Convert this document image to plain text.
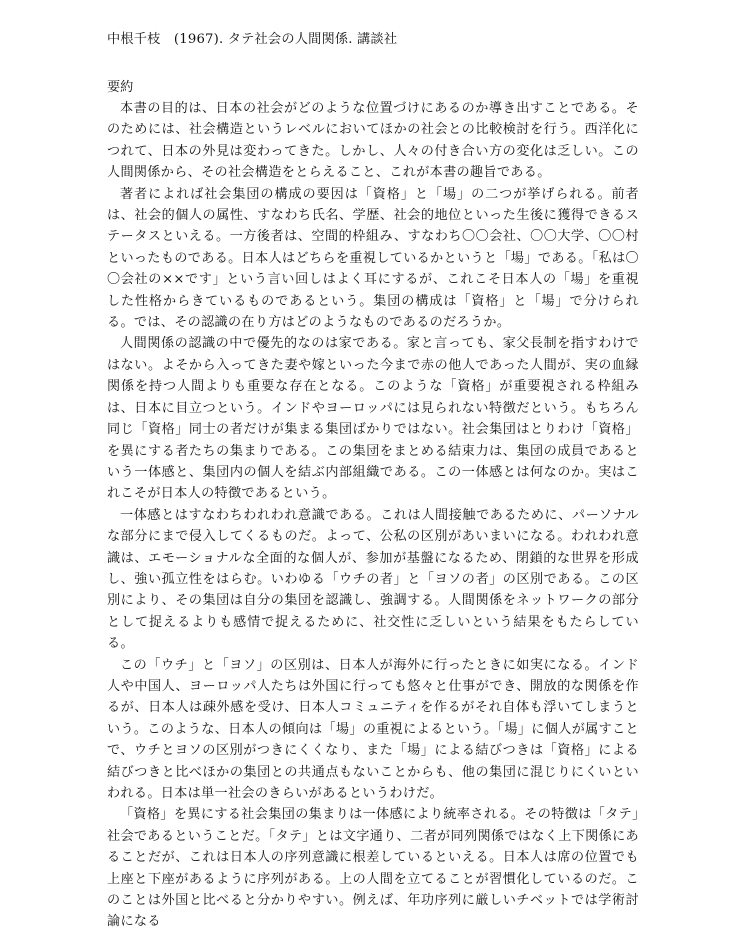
中根千枝　(1967). タテ社会の人間関係. 講談社
要約

本書の目的は、日本の社会がどのような位置づけにあるのか導き出すことである。そのためには、社会構造というレベルにおいてほかの社会との比較検討を行う。西洋化につれて、日本の外見は変わってきた。しかし、人々の付き合い方の変化は乏しい。この人間関係から、その社会構造をとらえること、これが本書の趣旨である。

著者によれば社会集団の構成の要因は「資格」と「場」の二つが挙げられる。前者は、社会的個人の属性、すなわち氏名、学歴、社会的地位といった生後に獲得できるステータスといえる。一方後者は、空間的枠組み、すなわち〇〇会社、〇〇大学、〇〇村といったものである。日本人はどちらを重視しているかというと「場」である。「私は〇〇会社の××です」という言い回しはよく耳にするが、これこそ日本人の「場」を重視した性格からきているものであるという。集団の構成は「資格」と「場」で分けられる。では、その認識の在り方はどのようなものであるのだろうか。

人間関係の認識の中で優先的なのは家である。家と言っても、家父長制を指すわけではない。よそから入ってきた妻や嫁といった今まで赤の他人であった人間が、実の血縁関係を持つ人間よりも重要な存在となる。このような「資格」が重要視される枠組みは、日本に目立つという。インドやヨーロッパには見られない特徴だという。もちろん同じ「資格」同士の者だけが集まる集団ばかりではない。社会集団はとりわけ「資格」を異にする者たちの集まりである。この集団をまとめる結束力は、集団の成員であるという一体感と、集団内の個人を結ぶ内部組織である。この一体感とは何なのか。実はこれこそが日本人の特徴であるという。

一体感とはすなわちわれわれ意識である。これは人間接触であるために、パーソナルな部分にまで侵入してくるものだ。よって、公私の区別があいまいになる。われわれ意識は、エモーショナルな全面的な個人が、参加が基盤になるため、閉鎖的な世界を形成し、強い孤立性をはらむ。いわゆる「ウチの者」と「ヨソの者」の区別である。この区別により、その集団は自分の集団を認識し、強調する。人間関係をネットワークの部分として捉えるよりも感情で捉えるために、社交性に乏しいという結果をもたらしている。

この「ウチ」と「ヨソ」の区別は、日本人が海外に行ったときに如実になる。インド人や中国人、ヨーロッパ人たちは外国に行っても悠々と仕事ができ、開放的な関係を作るが、日本人は疎外感を受け、日本人コミュニティを作るがそれ自体も浮いてしまうという。このような、日本人の傾向は「場」の重視によるという。「場」に個人が属すことで、ウチとヨソの区別がつきにくくなり、また「場」による結びつきは「資格」による結びつきと比べほかの集団との共通点もないことからも、他の集団に混じりにくいといわれる。日本は単一社会のきらいがあるというわけだ。

「資格」を異にする社会集団の集まりは一体感により統率される。その特徴は「タテ」社会であるということだ。「タテ」とは文字通り、二者が同列関係ではなく上下関係にあることだが、これは日本人の序列意識に根差しているといえる。日本人は席の位置でも上座と下座があるように序列がある。上の人間を立てることが習慣化しているのだ。このことは外国と比べると分かりやすい。例えば、年功序列に厳しいチベットでは学術討論になる
